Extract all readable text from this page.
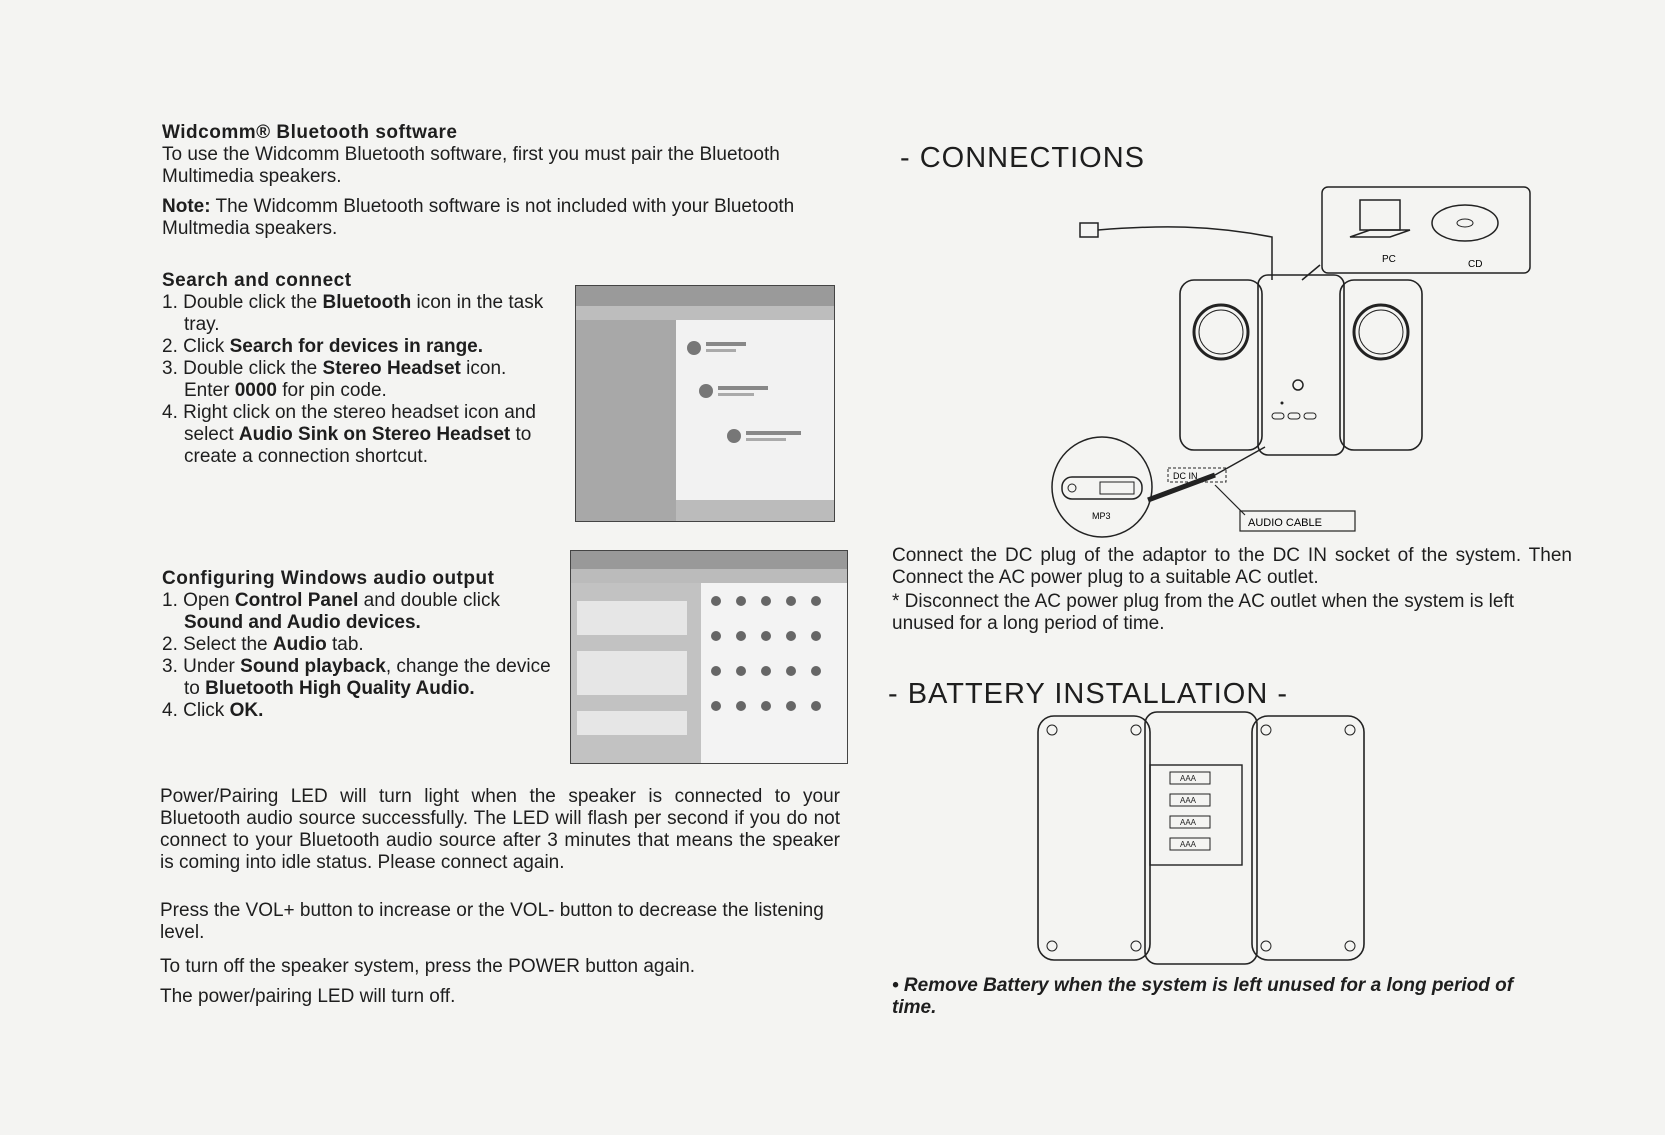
Widcomm® Bluetooth software
To use the Widcomm Bluetooth software, first you must pair the Bluetooth Multimedia speakers.
Note: The Widcomm Bluetooth software is not included with your Bluetooth Multmedia speakers.
Search and connect
1. Double click the Bluetooth icon in the task tray.
2. Click Search for devices in range.
3. Double click the Stereo Headset icon. Enter 0000 for pin code.
4. Right click on the stereo headset icon and select Audio Sink on Stereo Headset to create a connection shortcut.
Configuring Windows audio output
1. Open Control Panel and double click Sound and Audio devices.
2. Select the Audio tab.
3. Under Sound playback, change the device to Bluetooth High Quality Audio.
4. Click OK.
Power/Pairing LED will turn light when the speaker is connected to your Bluetooth audio source successfully. The LED will flash per second if you do not connect to your Bluetooth audio source after 3 minutes that means the speaker is coming into idle status. Please connect again.
Press the VOL+ button to increase or the VOL- button to decrease the listening level.
To turn off the speaker system, press the POWER button again.
The power/pairing LED will turn off.
- CONNECTIONS
PC	CD
MP3
DC IN
AUDIO CABLE
Connect the DC plug of the adaptor to the DC IN socket of the system. Then Connect the AC power plug to a suitable AC outlet.
* Disconnect the AC power plug from the AC outlet when the system is left unused for a long period of time.
- BATTERY INSTALLATION -
AAA
AAA
AAA
AAA
• Remove Battery when the system is left unused for a long period of time.
